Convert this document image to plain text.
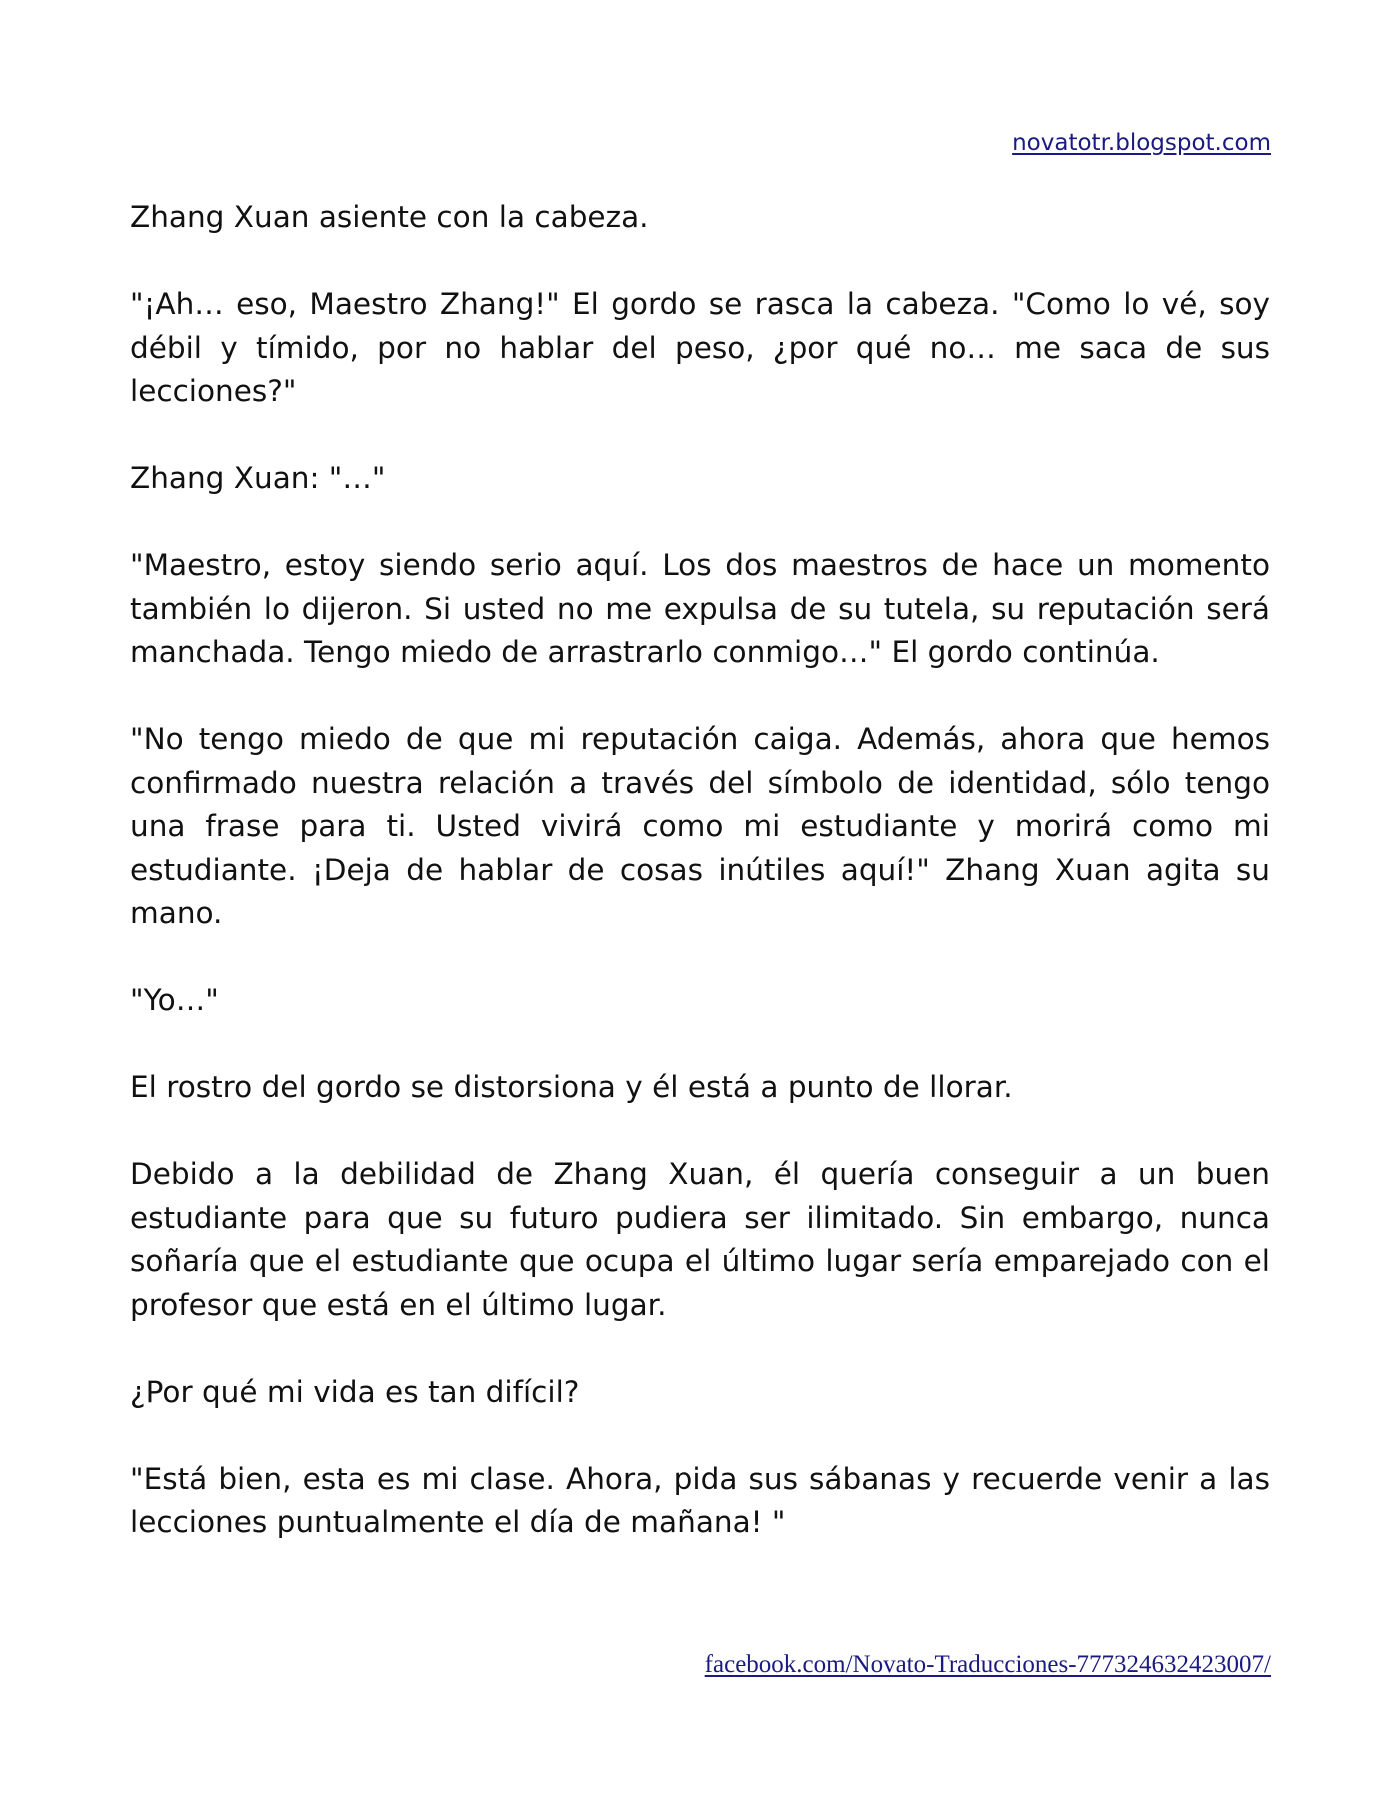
novatotr.blogspot.com

Zhang Xuan asiente con la cabeza.

"¡Ah… eso, Maestro Zhang!" El gordo se rasca la cabeza. "Como lo vé, soy débil y tímido, por no hablar del peso, ¿por qué no… me saca de sus lecciones?"

Zhang Xuan: "…"

"Maestro, estoy siendo serio aquí. Los dos maestros de hace un momento también lo dijeron. Si usted no me expulsa de su tutela, su reputación será manchada. Tengo miedo de arrastrarlo conmigo…" El gordo continúa.

"No tengo miedo de que mi reputación caiga. Además, ahora que hemos confirmado nuestra relación a través del símbolo de identidad, sólo tengo una frase para ti. Usted vivirá como mi estudiante y morirá como mi estudiante. ¡Deja de hablar de cosas inútiles aquí!" Zhang Xuan agita su mano.

"Yo…"

El rostro del gordo se distorsiona y él está a punto de llorar.

Debido a la debilidad de Zhang Xuan, él quería conseguir a un buen estudiante para que su futuro pudiera ser ilimitado. Sin embargo, nunca soñaría que el estudiante que ocupa el último lugar sería emparejado con el profesor que está en el último lugar.

¿Por qué mi vida es tan difícil?

"Está bien, esta es mi clase. Ahora, pida sus sábanas y recuerde venir a las lecciones puntualmente el día de mañana! "

facebook.com/Novato-Traducciones-777324632423007/
